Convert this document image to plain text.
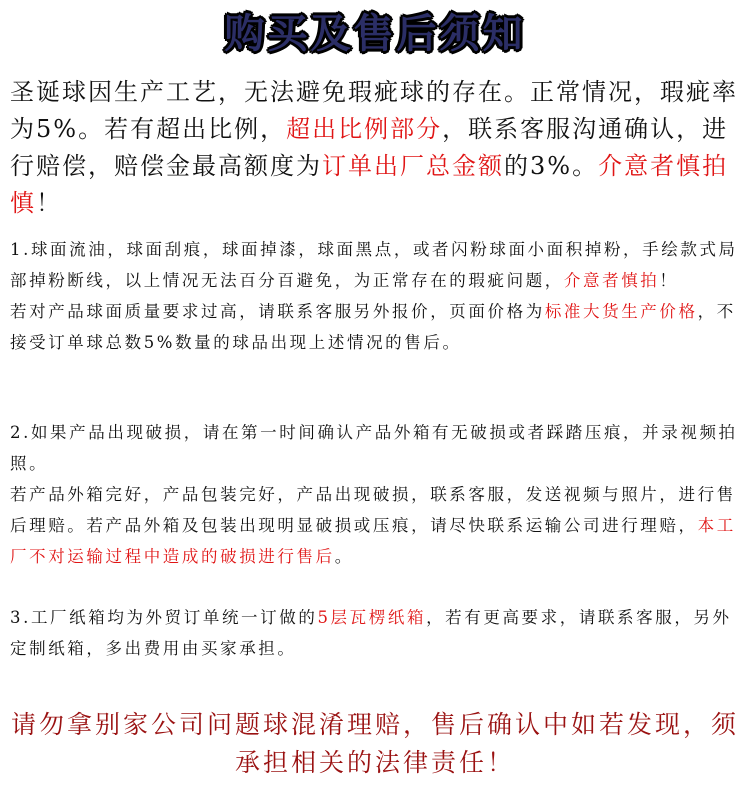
购买及售后须知

圣诞球因生产工艺，无法避免瑕疵球的存在。正常情况，瑕疵率为5%。若有超出比例，超出比例部分，联系客服沟通确认，进行赔偿，赔偿金最高额度为订单出厂总金额的3%。介意者慎拍慎！

1.球面流油，球面刮痕，球面掉漆，球面黑点，或者闪粉球面小面积掉粉，手绘款式局部掉粉断线，以上情况无法百分百避免，为正常存在的瑕疵问题，介意者慎拍！

若对产品球面质量要求过高，请联系客服另外报价，页面价格为标准大货生产价格，不接受订单球总数5%数量的球品出现上述情况的售后。

2.如果产品出现破损，请在第一时间确认产品外箱有无破损或者踩踏压痕，并录视频拍照。

若产品外箱完好，产品包装完好，产品出现破损，联系客服，发送视频与照片，进行售后理赔。若产品外箱及包装出现明显破损或压痕，请尽快联系运输公司进行理赔，本工厂不对运输过程中造成的破损进行售后。

3.工厂纸箱均为外贸订单统一订做的5层瓦楞纸箱，若有更高要求，请联系客服，另外定制纸箱，多出费用由买家承担。

请勿拿别家公司问题球混淆理赔，售后确认中如若发现，须承担相关的法律责任！
